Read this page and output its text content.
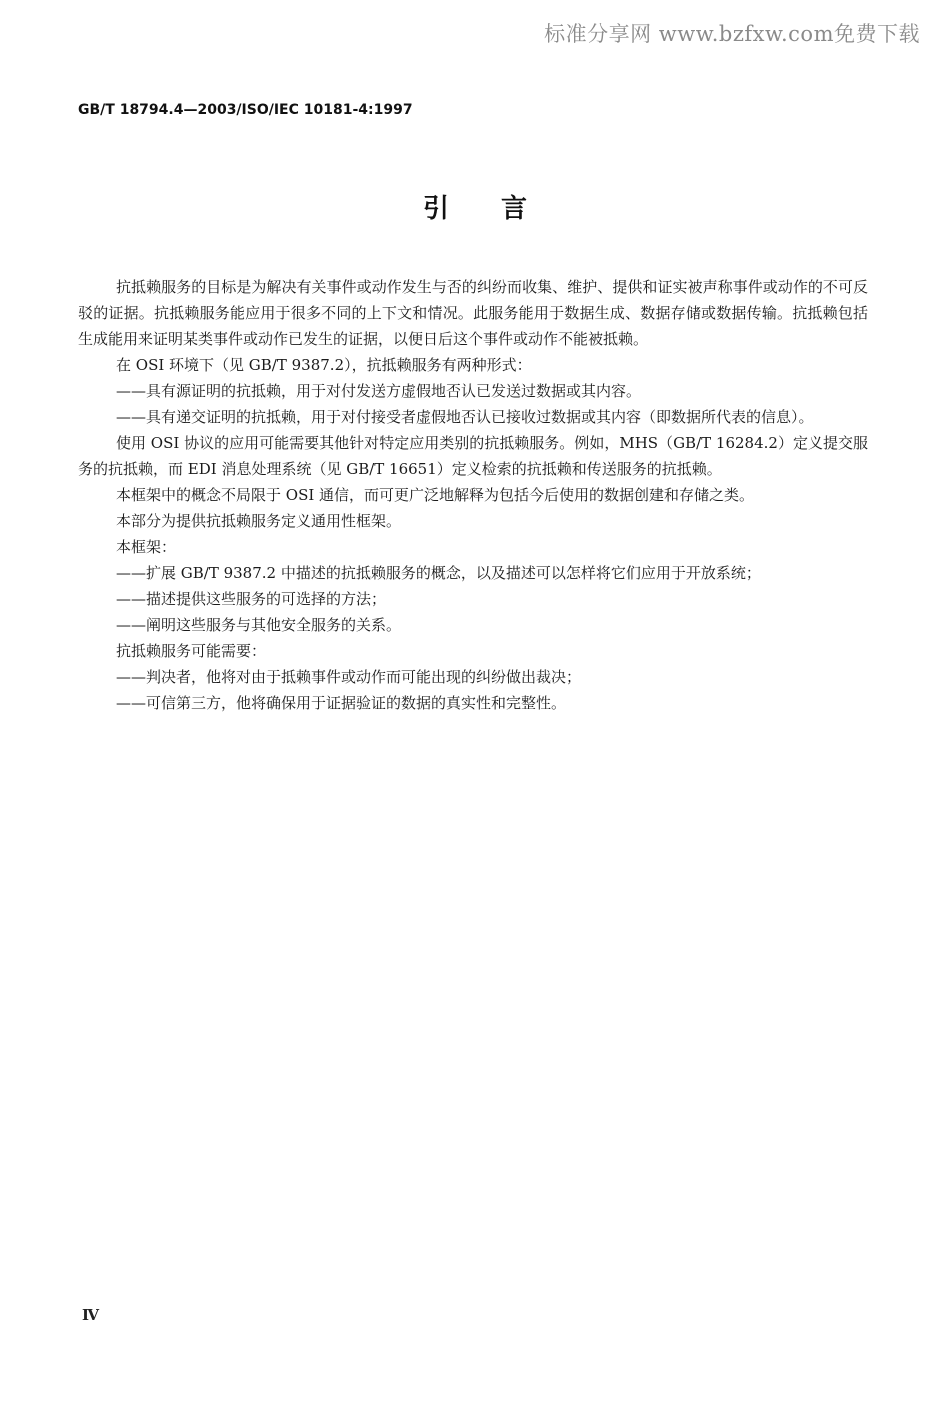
标准分享网 www.bzfxw.com免费下载
GB/T 18794.4—2003/ISO/IEC 10181-4:1997
引言

抗抵赖服务的目标是为解决有关事件或动作发生与否的纠纷而收集、维护、提供和证实被声称事件或动作的不可反驳的证据。抗抵赖服务能应用于很多不同的上下文和情况。此服务能用于数据生成、数据存储或数据传输。抗抵赖包括生成能用来证明某类事件或动作已发生的证据，以便日后这个事件或动作不能被抵赖。

在 OSI 环境下（见 GB/T 9387.2），抗抵赖服务有两种形式：

——具有源证明的抗抵赖，用于对付发送方虚假地否认已发送过数据或其内容。

——具有递交证明的抗抵赖，用于对付接受者虚假地否认已接收过数据或其内容（即数据所代表的信息）。

使用 OSI 协议的应用可能需要其他针对特定应用类别的抗抵赖服务。例如，MHS（GB/T 16284.2）定义提交服务的抗抵赖，而 EDI 消息处理系统（见 GB/T 16651）定义检索的抗抵赖和传送服务的抗抵赖。

本框架中的概念不局限于 OSI 通信，而可更广泛地解释为包括今后使用的数据创建和存储之类。

本部分为提供抗抵赖服务定义通用性框架。

本框架：

——扩展 GB/T 9387.2 中描述的抗抵赖服务的概念，以及描述可以怎样将它们应用于开放系统；

——描述提供这些服务的可选择的方法；

——阐明这些服务与其他安全服务的关系。

抗抵赖服务可能需要：

——判决者，他将对由于抵赖事件或动作而可能出现的纠纷做出裁决；

——可信第三方，他将确保用于证据验证的数据的真实性和完整性。

Ⅳ
